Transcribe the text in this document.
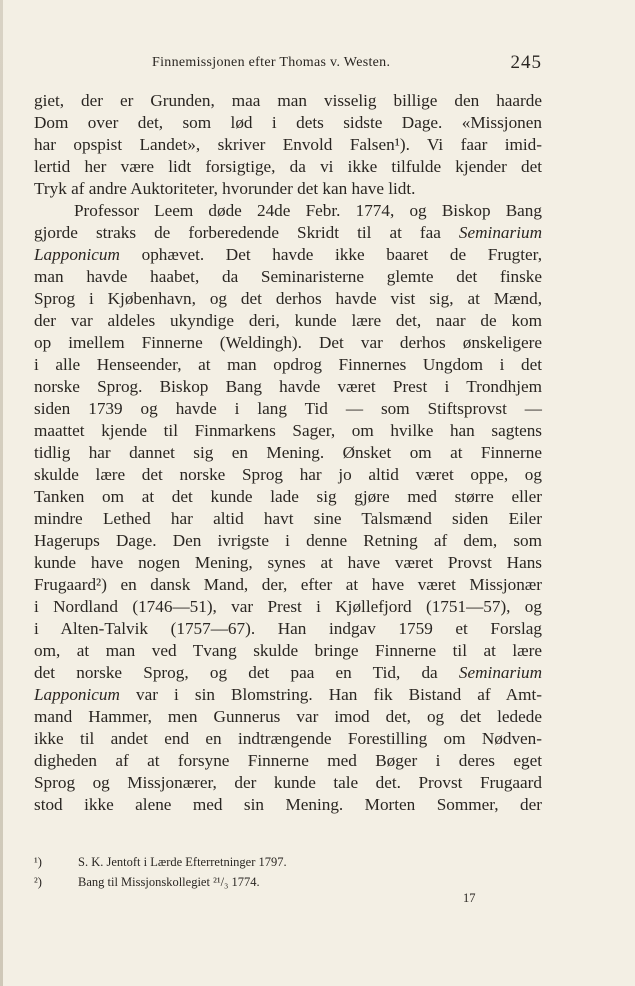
Finnemissjonen efter Thomas v. Westen.	245
giet, der er Grunden, maa man visselig billige den haarde
Dom over det, som lød i dets sidste Dage. «Missjonen
har opspist Landet», skriver Envold Falsen¹). Vi faar imid-
lertid her være lidt forsigtige, da vi ikke tilfulde kjender det
Tryk af andre Auktoriteter, hvorunder det kan have lidt.
Professor Leem døde 24de Febr. 1774, og Biskop Bang
gjorde straks de forberedende Skridt til at faa Seminarium
Lapponicum ophævet. Det havde ikke baaret de Frugter,
man havde haabet, da Seminaristerne glemte det finske
Sprog i Kjøbenhavn, og det derhos havde vist sig, at Mænd,
der var aldeles ukyndige deri, kunde lære det, naar de kom
op imellem Finnerne (Weldingh). Det var derhos ønskeligere
i alle Henseender, at man opdrog Finnernes Ungdom i det
norske Sprog. Biskop Bang havde været Prest i Trondhjem
siden 1739 og havde i lang Tid — som Stiftsprovst —
maattet kjende til Finmarkens Sager, om hvilke han sagtens
tidlig har dannet sig en Mening. Ønsket om at Finnerne
skulde lære det norske Sprog har jo altid været oppe, og
Tanken om at det kunde lade sig gjøre med større eller
mindre Lethed har altid havt sine Talsmænd siden Eiler
Hagerups Dage. Den ivrigste i denne Retning af dem, som
kunde have nogen Mening, synes at have været Provst Hans
Frugaard²) en dansk Mand, der, efter at have været Missjonær
i Nordland (1746—51), var Prest i Kjøllefjord (1751—57), og
i Alten-Talvik (1757—67). Han indgav 1759 et Forslag
om, at man ved Tvang skulde bringe Finnerne til at lære
det norske Sprog, og det paa en Tid, da Seminarium
Lapponicum var i sin Blomstring. Han fik Bistand af Amt-
mand Hammer, men Gunnerus var imod det, og det ledede
ikke til andet end en indtrængende Forestilling om Nødven-
digheden af at forsyne Finnerne med Bøger i deres eget
Sprog og Missjonærer, der kunde tale det. Provst Frugaard
stod ikke alene med sin Mening. Morten Sommer, der
¹)	S. K. Jentoft i Lærde Efterretninger 1797.
²)	Bang til Missjonskollegiet ²¹/₃ 1774.
17
